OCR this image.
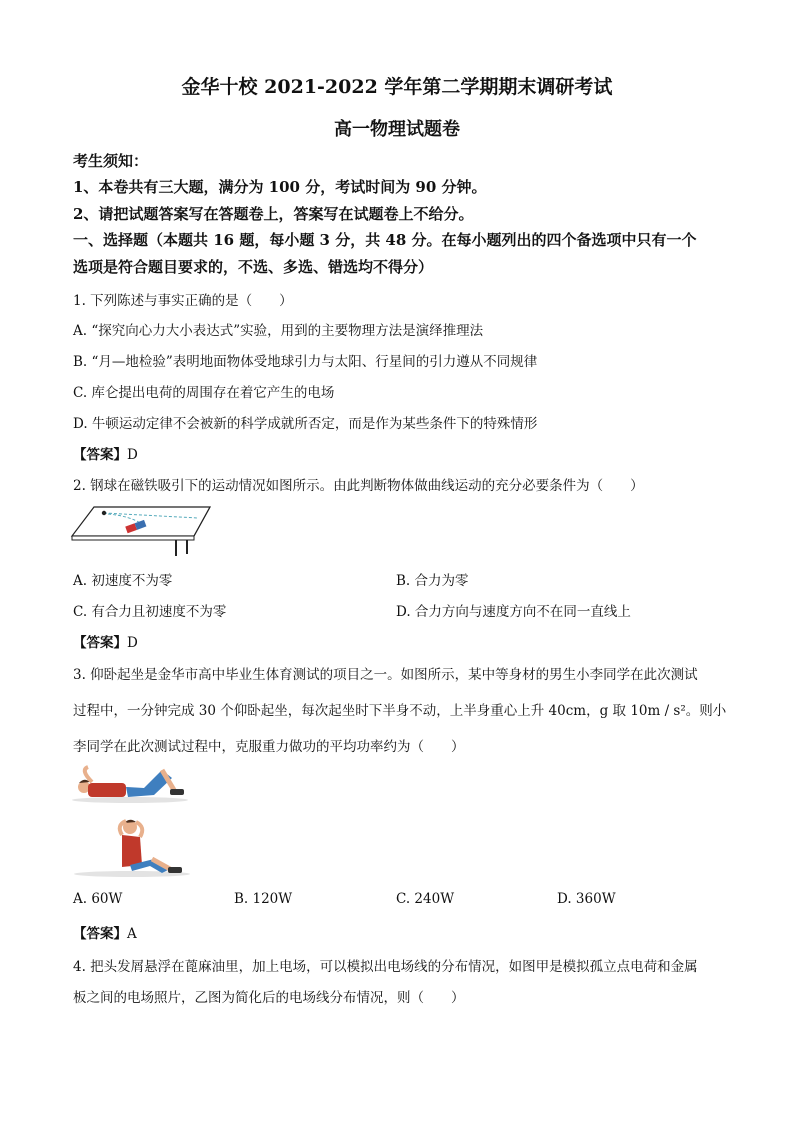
金华十校 2021-2022 学年第二学期期末调研考试
高一物理试题卷
考生须知：
1、本卷共有三大题，满分为 100 分，考试时间为 90 分钟。
2、请把试题答案写在答题卷上，答案写在试题卷上不给分。
一、选择题（本题共 16 题，每小题 3 分，共 48 分。在每小题列出的四个备选项中只有一个
选项是符合题目要求的，不选、多选、错选均不得分）
1. 下列陈述与事实正确的是（　　）
A. “探究向心力大小表达式”实验，用到的主要物理方法是演绎推理法
B. “月—地检验”表明地面物体受地球引力与太阳、行星间的引力遵从不同规律
C. 库仑提出电荷的周围存在着它产生的电场
D. 牛顿运动定律不会被新的科学成就所否定，而是作为某些条件下的特殊情形
【答案】D
2. 钢球在磁铁吸引下的运动情况如图所示。由此判断物体做曲线运动的充分必要条件为（　　）
A. 初速度不为零	B. 合力为零
C. 有合力且初速度不为零	D. 合力方向与速度方向不在同一直线上
【答案】D
3. 仰卧起坐是金华市高中毕业生体育测试的项目之一。如图所示，某中等身材的男生小李同学在此次测试
过程中，一分钟完成 30 个仰卧起坐，每次起坐时下半身不动，上半身重心上升 40cm，g 取 10m / s²。则小
李同学在此次测试过程中，克服重力做功的平均功率约为（　　）
A. 60W	B. 120W	C. 240W	D. 360W
【答案】A
4. 把头发屑悬浮在蓖麻油里，加上电场，可以模拟出电场线的分布情况，如图甲是模拟孤立点电荷和金属
板之间的电场照片，乙图为简化后的电场线分布情况，则（　　）
